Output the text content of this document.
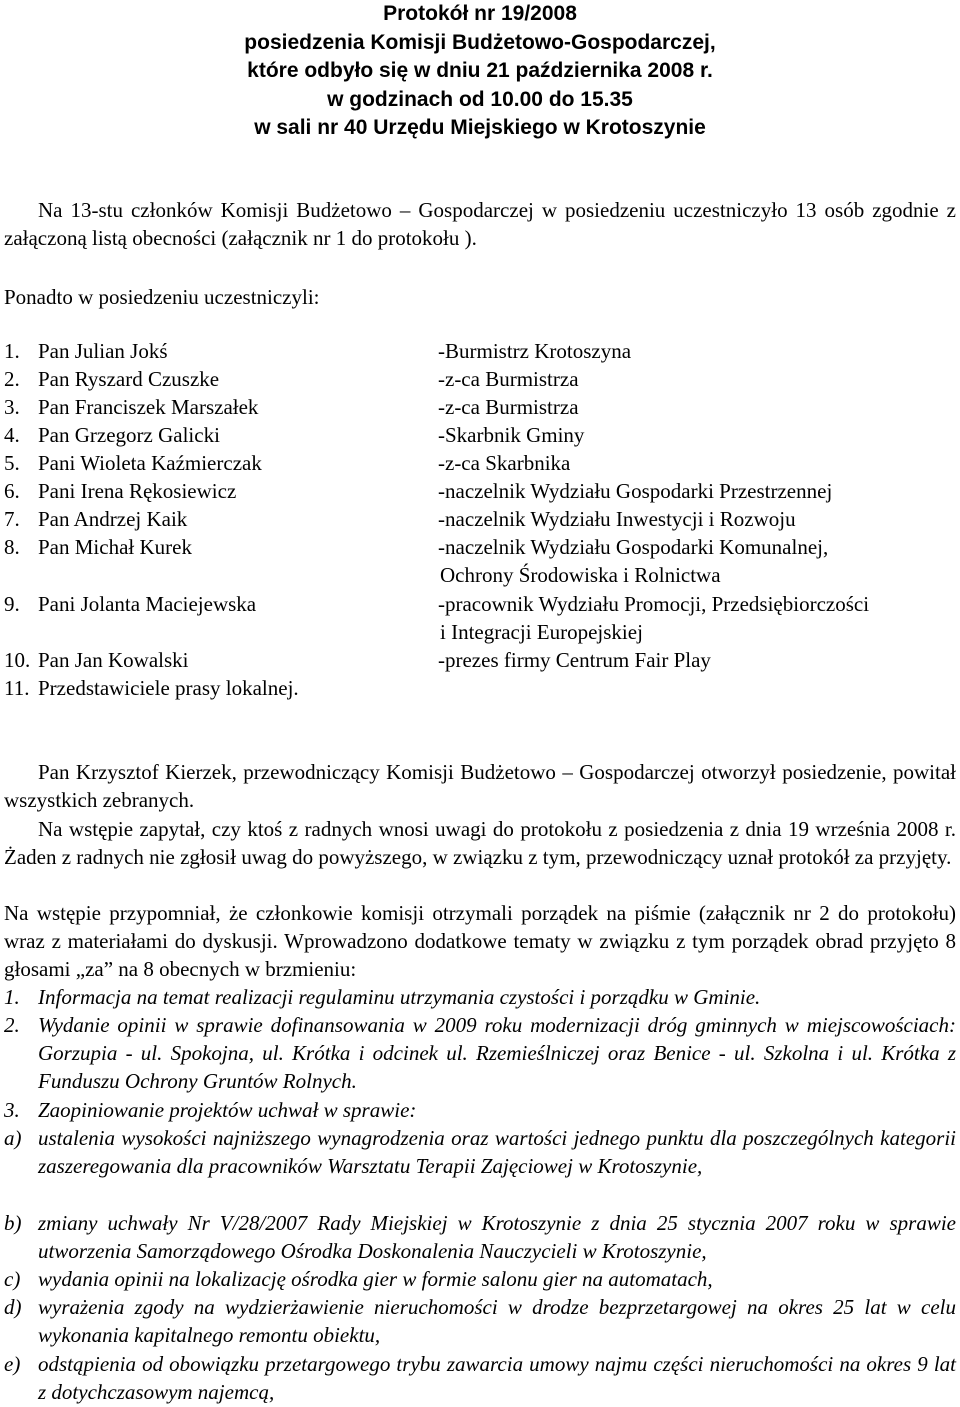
Protokół nr 19/2008
posiedzenia Komisji Budżetowo-Gospodarczej,
które odbyło się w dniu 21 października 2008 r.
w godzinach od 10.00 do 15.35
w sali nr 40 Urzędu Miejskiego w Krotoszynie

Na 13-stu członków Komisji Budżetowo – Gospodarczej w posiedzeniu uczestniczyło 13 osób zgodnie z załączoną listą obecności (załącznik nr 1 do protokołu ).

Ponadto w posiedzeniu uczestniczyli:

1. Pan Julian Jokś	-Burmistrz Krotoszyna
2. Pan Ryszard Czuszke	-z-ca Burmistrza
3. Pan Franciszek Marszałek	-z-ca Burmistrza
4. Pan Grzegorz Galicki	-Skarbnik Gminy
5. Pani Wioleta Kaźmierczak	-z-ca Skarbnika
6. Pani Irena Rękosiewicz	-naczelnik Wydziału Gospodarki Przestrzennej
7. Pan Andrzej Kaik	-naczelnik Wydziału Inwestycji i Rozwoju
8. Pan Michał Kurek	-naczelnik Wydziału Gospodarki Komunalnej,
Ochrony Środowiska i Rolnictwa
9. Pani Jolanta Maciejewska	-pracownik Wydziału Promocji, Przedsiębiorczości
i Integracji Europejskiej
10. Pan Jan Kowalski	-prezes firmy Centrum Fair Play
11. Przedstawiciele prasy lokalnej.

Pan Krzysztof Kierzek, przewodniczący Komisji Budżetowo – Gospodarczej otworzył posiedzenie, powitał wszystkich zebranych.

Na wstępie zapytał, czy ktoś z radnych wnosi uwagi do protokołu z posiedzenia z dnia 19 września 2008 r. Żaden z radnych nie zgłosił uwag do powyższego, w związku z tym, przewodniczący uznał protokół za przyjęty.

Na wstępie przypomniał, że członkowie komisji otrzymali porządek na piśmie (załącznik nr 2 do protokołu) wraz z materiałami do dyskusji. Wprowadzono dodatkowe tematy w związku z tym porządek obrad przyjęto 8 głosami „za” na 8 obecnych w brzmieniu:

1. Informacja na temat realizacji regulaminu utrzymania czystości i porządku w Gminie.
2. Wydanie opinii w sprawie dofinansowania w 2009 roku modernizacji dróg gminnych w miejscowościach: Gorzupia - ul. Spokojna, ul. Krótka i odcinek ul. Rzemieślniczej oraz Benice - ul. Szkolna i ul. Krótka z Funduszu Ochrony Gruntów Rolnych.
3. Zaopiniowanie projektów uchwał w sprawie:
a) ustalenia wysokości najniższego wynagrodzenia oraz wartości jednego punktu dla poszczególnych kategorii zaszeregowania dla pracowników Warsztatu Terapii Zajęciowej w Krotoszynie,
b) zmiany uchwały Nr V/28/2007 Rady Miejskiej w Krotoszynie z dnia 25 stycznia 2007 roku w sprawie utworzenia Samorządowego Ośrodka Doskonalenia Nauczycieli w Krotoszynie,
c) wydania opinii na lokalizację ośrodka gier w formie salonu gier na automatach,
d) wyrażenia zgody na wydzierżawienie nieruchomości w drodze bezprzetargowej na okres 25 lat w celu wykonania kapitalnego remontu obiektu,
e) odstąpienia od obowiązku przetargowego trybu zawarcia umowy najmu części nieruchomości na okres 9 lat z dotychczasowym najemcą,
